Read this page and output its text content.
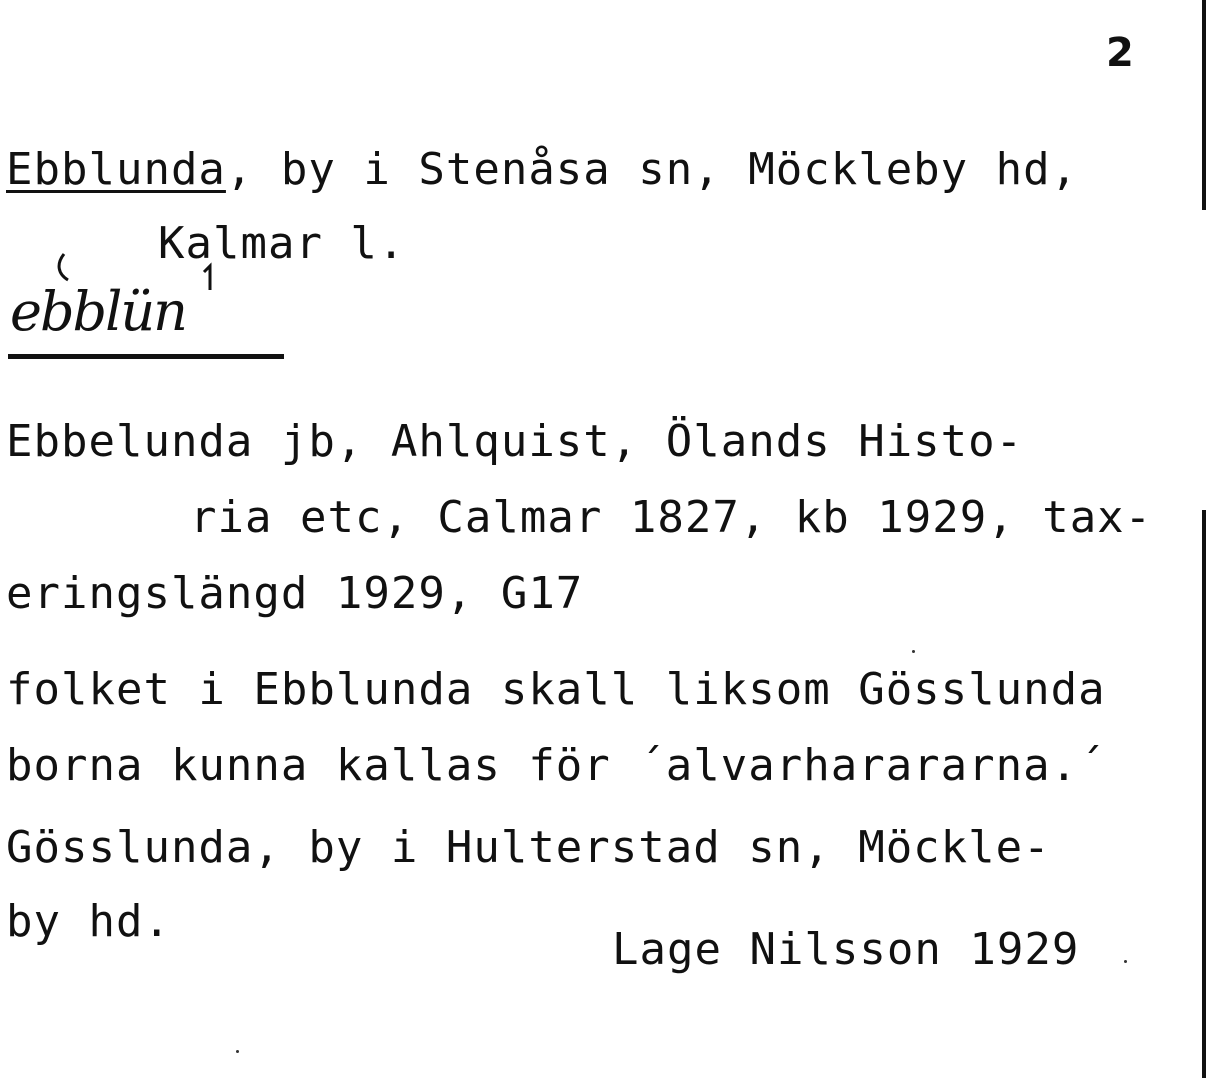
2
Ebblunda, by i Stenåsa sn, Möckleby hd,
Kalmar l.
ebblün
Ebbelunda jb, Ahlquist, Ölands Histo-
ria etc, Calmar 1827, kb 1929, tax-
eringslängd 1929, G17
folket i Ebblunda skall liksom Gösslunda
borna kunna kallas för ´alvarharararna.´
Gösslunda, by i Hulterstad sn, Möckle-
by hd.
Lage Nilsson 1929
